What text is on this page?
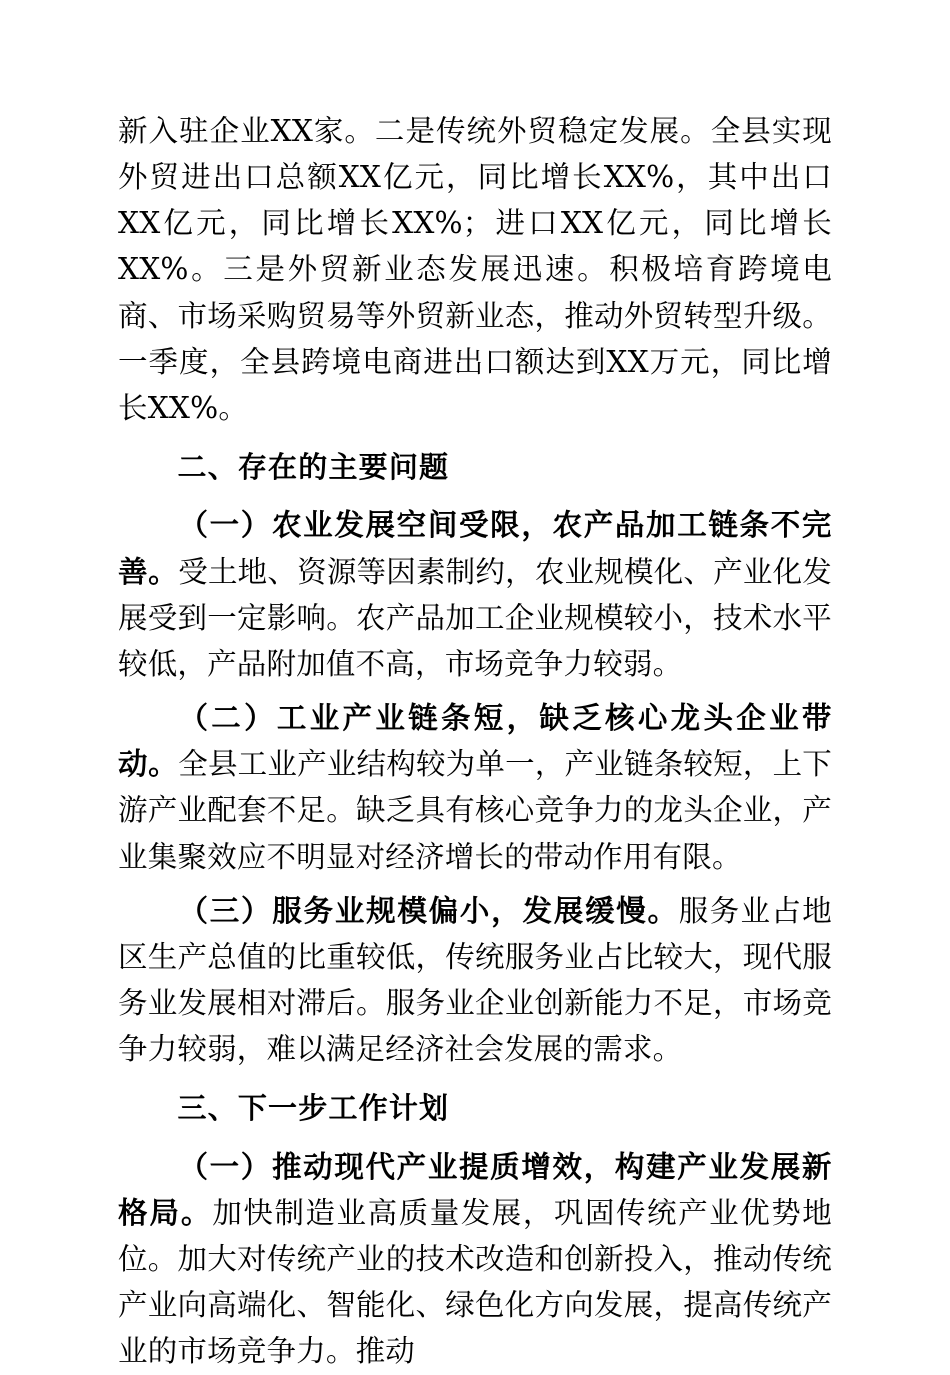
新入驻企业XX家。二是传统外贸稳定发展。全县实现外贸进出口总额XX亿元，同比增长XX%，其中出口XX亿元，同比增长XX%；进口XX亿元，同比增长XX%。三是外贸新业态发展迅速。积极培育跨境电商、市场采购贸易等外贸新业态，推动外贸转型升级。一季度，全县跨境电商进出口额达到XX万元，同比增长XX%。

二、存在的主要问题

（一）农业发展空间受限，农产品加工链条不完善。受土地、资源等因素制约，农业规模化、产业化发展受到一定影响。农产品加工企业规模较小，技术水平较低，产品附加值不高，市场竞争力较弱。

（二）工业产业链条短，缺乏核心龙头企业带动。全县工业产业结构较为单一，产业链条较短，上下游产业配套不足。缺乏具有核心竞争力的龙头企业，产业集聚效应不明显对经济增长的带动作用有限。

（三）服务业规模偏小，发展缓慢。服务业占地区生产总值的比重较低，传统服务业占比较大，现代服务业发展相对滞后。服务业企业创新能力不足，市场竞争力较弱，难以满足经济社会发展的需求。

三、下一步工作计划

（一）推动现代产业提质增效，构建产业发展新格局。加快制造业高质量发展，巩固传统产业优势地位。加大对传统产业的技术改造和创新投入，推动传统产业向高端化、智能化、绿色化方向发展，提高传统产业的市场竞争力。推动
